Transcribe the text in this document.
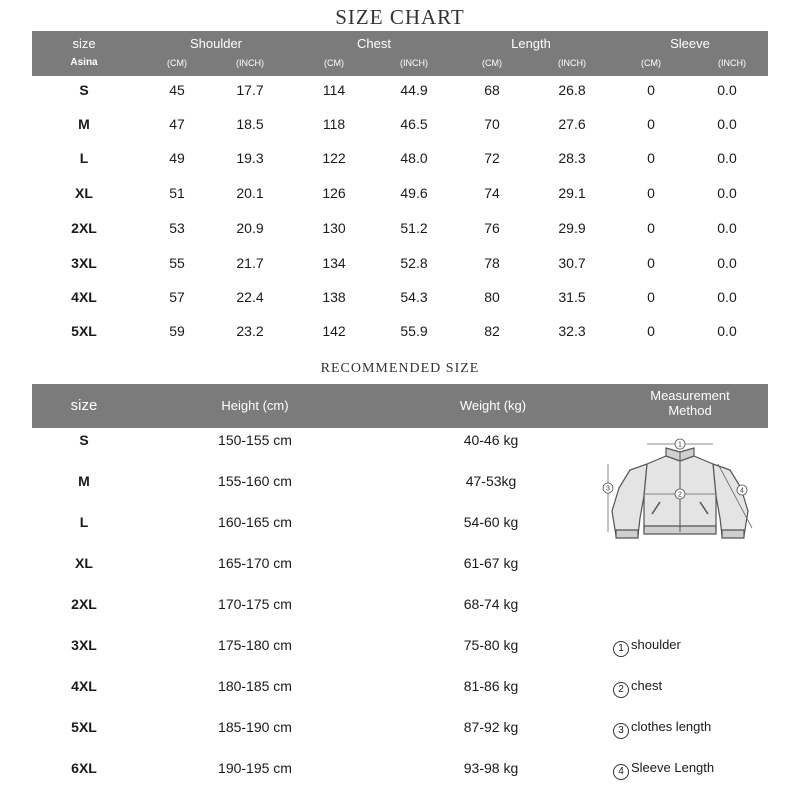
SIZE CHART
size
Asina
Shoulder	Chest	Length	Sleeve
(CM)	(INCH)	(CM)	(INCH)	(CM)	(INCH)	(CM)	(INCH)
S	45	17.7	114	44.9	68	26.8	0	0.0
M	47	18.5	118	46.5	70	27.6	0	0.0
L	49	19.3	122	48.0	72	28.3	0	0.0
XL	51	20.1	126	49.6	74	29.1	0	0.0
2XL	53	20.9	130	51.2	76	29.9	0	0.0
3XL	55	21.7	134	52.8	78	30.7	0	0.0
4XL	57	22.4	138	54.3	80	31.5	0	0.0
5XL	59	23.2	142	55.9	82	32.3	0	0.0
RECOMMENDED SIZE
size	Height (cm)	Weight (kg)
Measurement Method
S	150-155 cm	40-46 kg
M	155-160 cm	47-53kg
L	160-165 cm	54-60 kg
XL	165-170 cm	61-67 kg
2XL	170-175 cm	68-74 kg
3XL	175-180 cm	75-80 kg
4XL	180-185 cm	81-86 kg
5XL	185-190 cm	87-92 kg
6XL	190-195 cm	93-98 kg
1
2
3	4
1 shoulder
2 chest
3 clothes length
4 Sleeve Length
